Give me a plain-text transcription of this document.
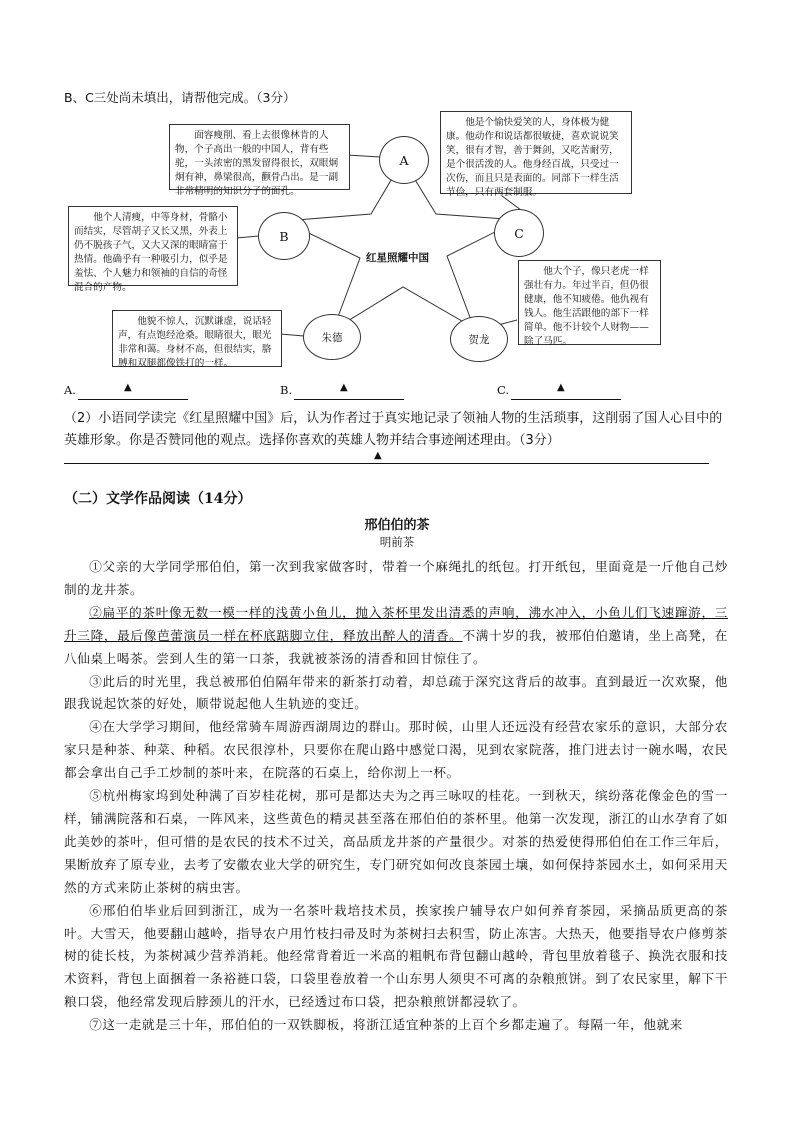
B、C三处尚未填出，请帮他完成。（3分）
面容瘦削、看上去很像林肯的人物，个子高出一般的中国人，背有些驼，一头浓密的黑发留得很长，双眼炯炯有神，鼻梁很高，颧骨凸出。是一副非常精明的知识分子的面孔。
他是个愉快爱笑的人，身体极为健康。他动作和说话都很敏捷，喜欢说说笑笑，很有才智，善于舞剑，又吃苦耐劳，是个很活泼的人。他身经百战，只受过一次伤，而且只是表面的。同部下一样生活节俭，只有两套制服。
他个人清瘦，中等身材，骨骼小而结实，尽管胡子又长又黑，外表上仍不脱孩子气，又大又深的眼睛富于热情。他确乎有一种吸引力，似乎是羞怯、个人魅力和领袖的自信的奇怪混合的产物。
他貌不惊人，沉默谦虚，说话轻声，有点饱经沧桑。眼睛很大，眼光非常和蔼。身材不高，但很结实，胳膊和双腿都像铁打的一样。
他大个子，像只老虎一样强壮有力。年过半百，但仍很健康，他不知疲倦。他仇视有钱人。他生活跟他的部下一样简单。他不计较个人财物——除了马匹。
A
C
B
朱德	贺龙
红星照耀中国
A.	▲	B.	▲	C.	▲
（2）小语同学读完《红星照耀中国》后，认为作者过于真实地记录了领袖人物的生活琐事，这削弱了国人心目中的英雄形象。你是否赞同他的观点。选择你喜欢的英雄人物并结合事迹阐述理由。（3分）
▲
（二）文学作品阅读（14分）
邢伯伯的茶
明前茶

①父亲的大学同学邢伯伯，第一次到我家做客时，带着一个麻绳扎的纸包。打开纸包，里面竟是一斤他自己炒制的龙井茶。

②扁平的茶叶像无数一模一样的浅黄小鱼儿，抛入茶杯里发出清悉的声响，沸水冲入，小鱼儿们飞速蹿游，三升三降，最后像芭蕾演员一样在杯底踮脚立住，释放出醉人的清香。不满十岁的我，被邢伯伯邀请，坐上高凳，在八仙桌上喝茶。尝到人生的第一口茶，我就被茶汤的清香和回甘惊住了。

③此后的时光里，我总被邢伯伯隔年带来的新茶打动着，却总疏于深究这背后的故事。直到最近一次欢聚，他跟我说起饮茶的好处，顺带说起他人生轨迹的变迁。

④在大学学习期间，他经常骑车周游西湖周边的群山。那时候，山里人还远没有经营农家乐的意识，大部分农家只是种茶、种菜、种稻。农民很淳朴，只要你在爬山路中感觉口渴，见到农家院落，推门进去讨一碗水喝，农民都会拿出自己手工炒制的茶叶来，在院落的石桌上，给你沏上一杯。

⑤杭州梅家坞到处种满了百岁桂花树，那可是都达夫为之再三咏叹的桂花。一到秋天，缤纷落花像金色的雪一样，铺满院落和石桌，一阵风来，这些黄色的精灵甚至落在邢伯伯的茶杯里。他第一次发现，浙江的山水孕育了如此美妙的茶叶，但可惜的是农民的技术不过关，高品质龙井茶的产量很少。对茶的热爱使得邢伯伯在工作三年后，果断放弃了原专业，去考了安徽农业大学的研究生，专门研究如何改良茶园土壤，如何保持茶园水土，如何采用天然的方式来防止茶树的病虫害。

⑥邢伯伯毕业后回到浙江，成为一名茶叶栽培技术员，挨家挨户辅导农户如何养育茶园，采摘品质更高的茶叶。大雪天，他要翻山越岭，指导农户用竹枝扫帚及时为茶树扫去积雪，防止冻害。大热天，他要指导农户修剪茶树的徒长枝，为茶树减少营养消耗。他经常背着近一米高的粗帆布背包翻山越岭，背包里放着毯子、换洗衣服和技术资料，背包上面捆着一条裕裢口袋，口袋里卷放着一个山东男人须臾不可离的杂粮煎饼。到了农民家里，解下干粮口袋，他经常发现后脖颈儿的汗水，已经透过布口袋，把杂粮煎饼都浸软了。

⑦这一走就是三十年，邢伯伯的一双铁脚板，将浙江适宜种茶的上百个乡都走遍了。每隔一年，他就来
